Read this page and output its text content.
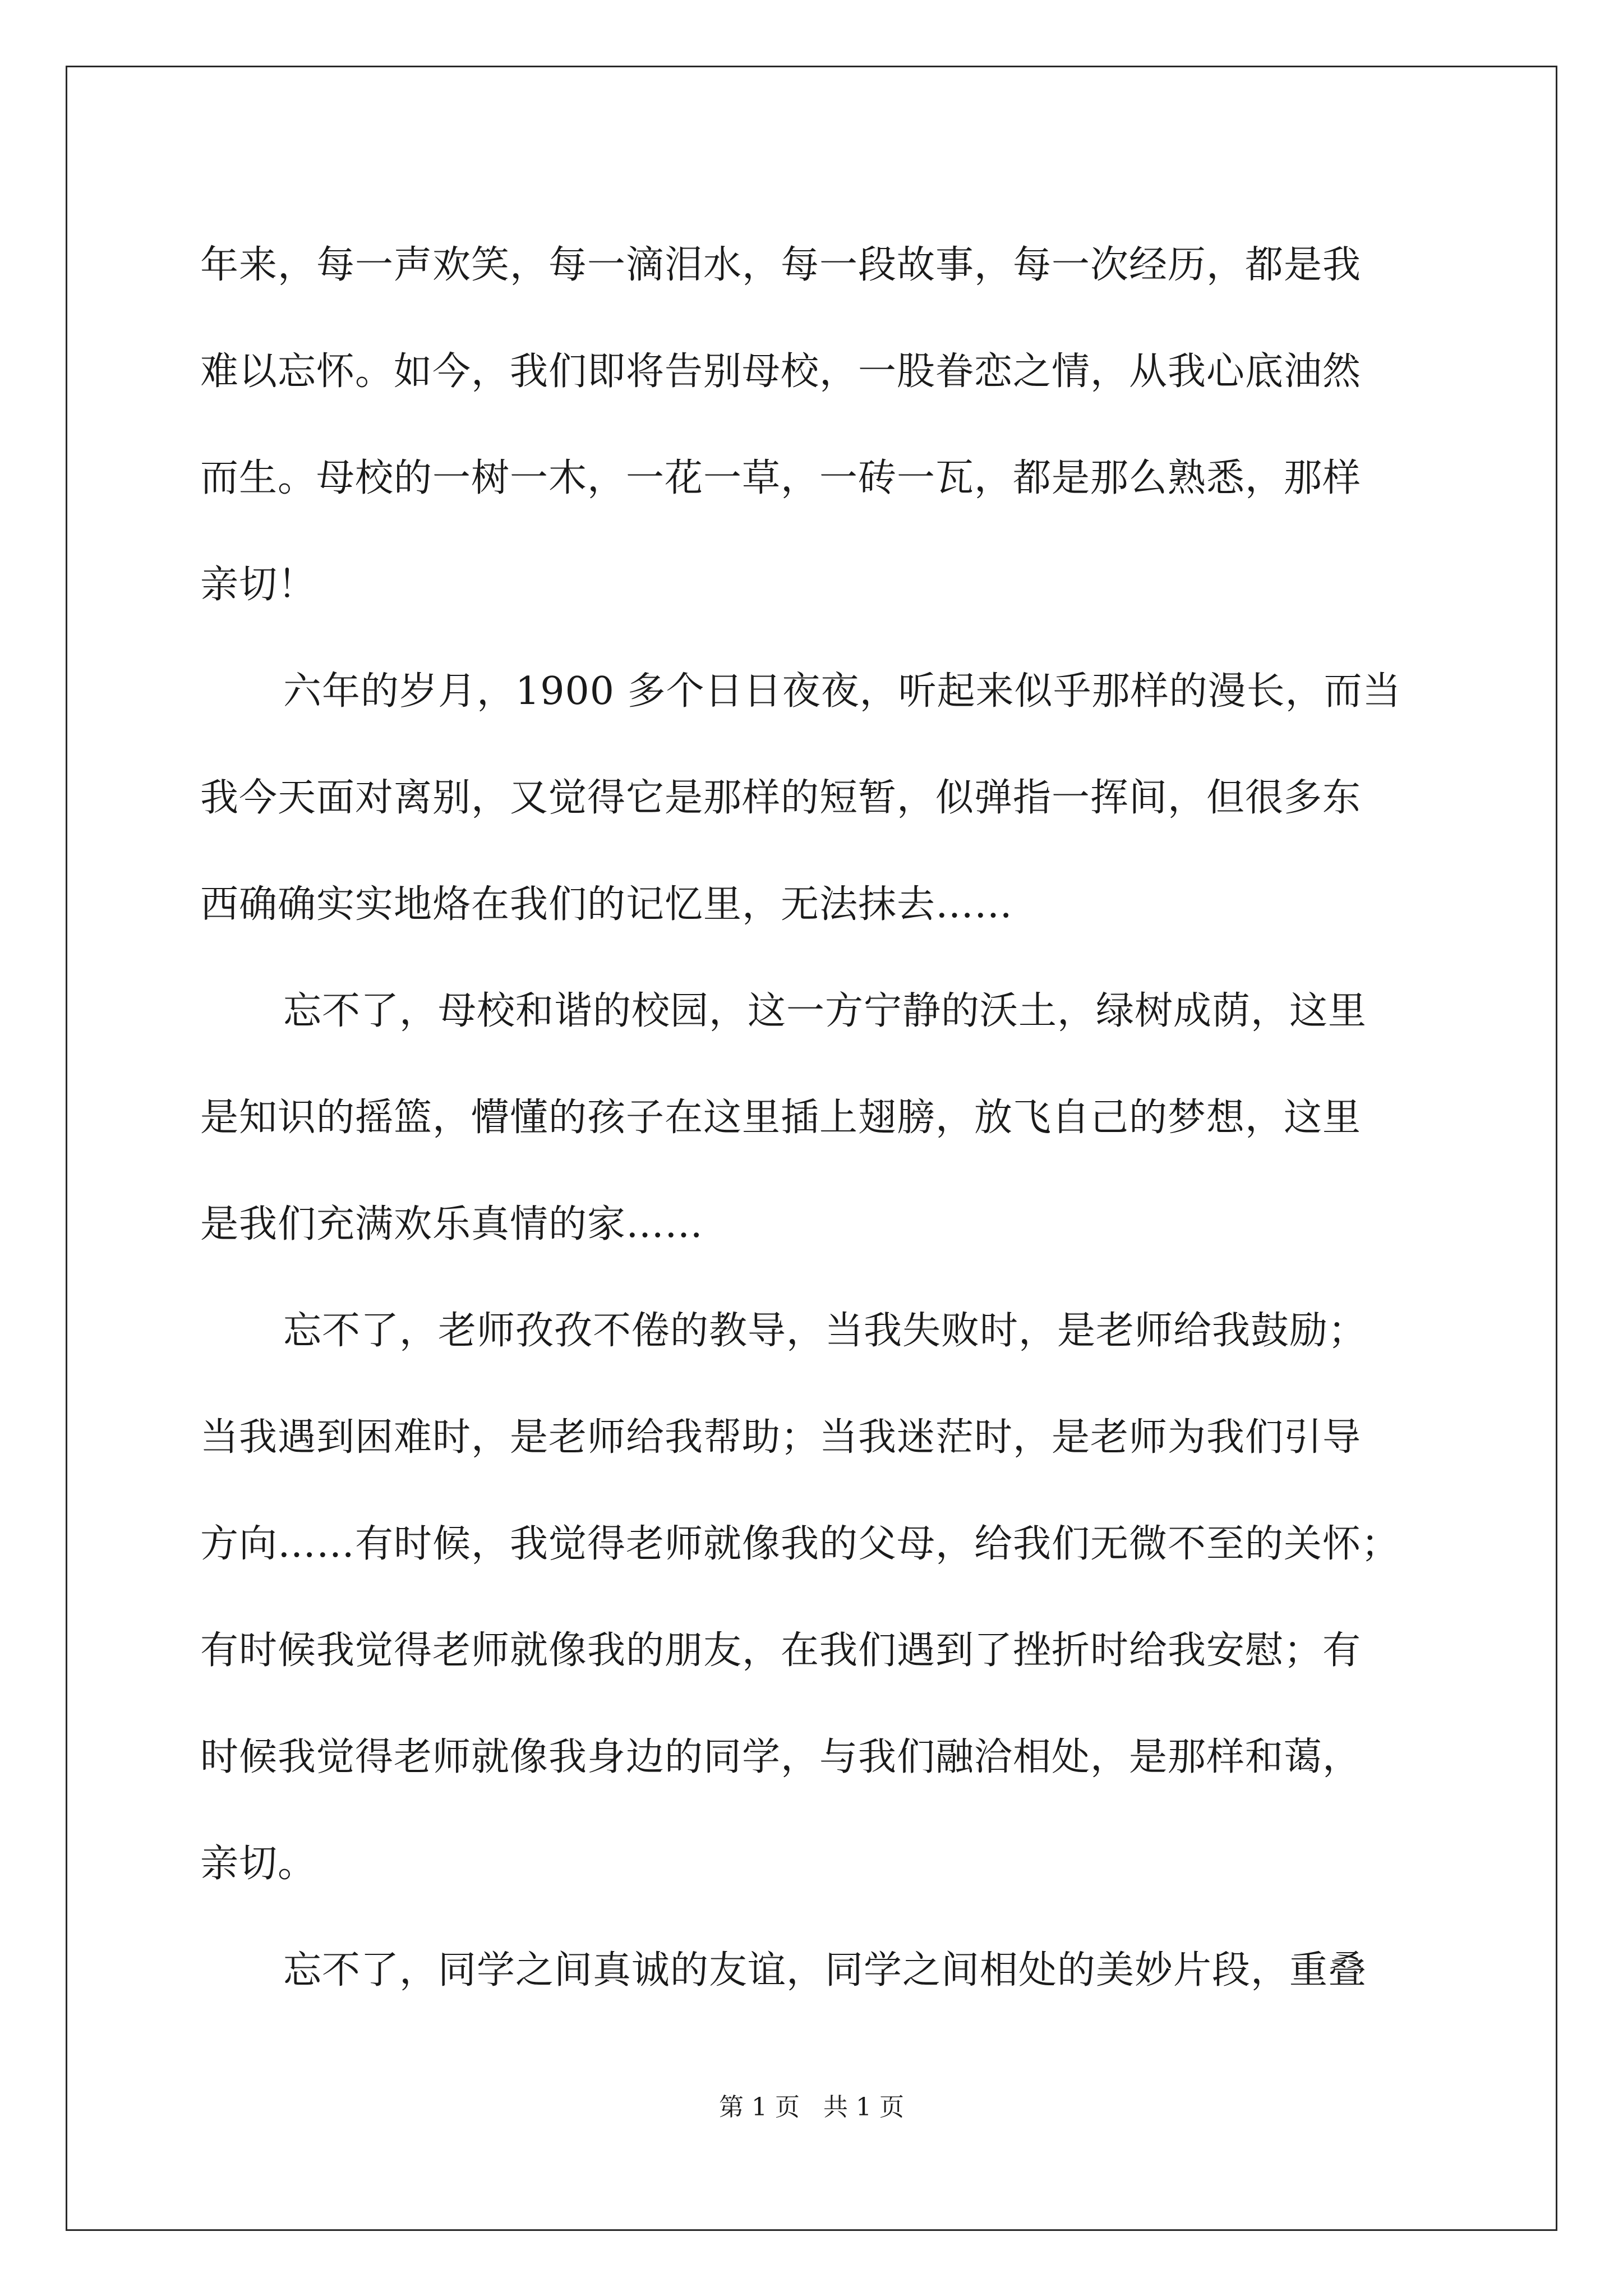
年来，每一声欢笑，每一滴泪水，每一段故事，每一次经历，都是我
难以忘怀。如今，我们即将告别母校，一股眷恋之情，从我心底油然
而生。母校的一树一木，一花一草，一砖一瓦，都是那么熟悉，那样
亲切！
六年的岁月，1900 多个日日夜夜，听起来似乎那样的漫长，而当
我今天面对离别，又觉得它是那样的短暂，似弹指一挥间，但很多东
西确确实实地烙在我们的记忆里，无法抹去……
忘不了，母校和谐的校园，这一方宁静的沃土，绿树成荫，这里
是知识的摇篮，懵懂的孩子在这里插上翅膀，放飞自己的梦想，这里
是我们充满欢乐真情的家……
忘不了，老师孜孜不倦的教导，当我失败时，是老师给我鼓励；
当我遇到困难时，是老师给我帮助；当我迷茫时，是老师为我们引导
方向……有时候，我觉得老师就像我的父母，给我们无微不至的关怀；
有时候我觉得老师就像我的朋友，在我们遇到了挫折时给我安慰；有
时候我觉得老师就像我身边的同学，与我们融洽相处，是那样和蔼，
亲切。
忘不了，同学之间真诚的友谊，同学之间相处的美妙片段，重叠
第 1 页 共 1 页
